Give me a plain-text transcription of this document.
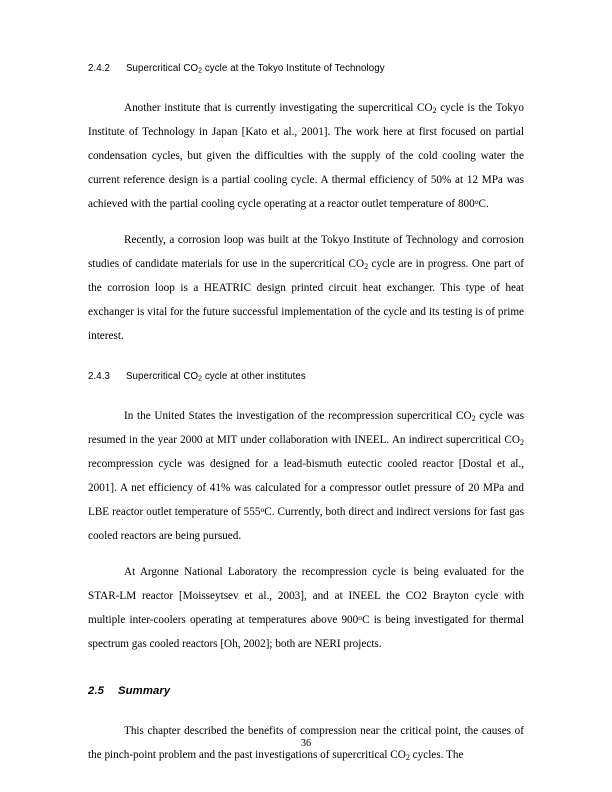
2.4.2 Supercritical $CO_2$ cycle at the Tokyo Institute of Technology

Another institute that is currently investigating the supercritical $CO_2$ cycle is the Tokyo Institute of Technology in Japan [Kato et al., 2001]. The work here at first focused on partial condensation cycles, but given the difficulties with the supply of the cold cooling water the current reference design is a partial cooling cycle. A thermal efficiency of 50% at 12 MPa was achieved with the partial cooling cycle operating at a reactor outlet temperature of 800$^o$C.

Recently, a corrosion loop was built at the Tokyo Institute of Technology and corrosion studies of candidate materials for use in the supercritical $CO_2$ cycle are in progress. One part of the corrosion loop is a HEATRIC design printed circuit heat exchanger. This type of heat exchanger is vital for the future successful implementation of the cycle and its testing is of prime interest.

2.4.3 Supercritical $CO_2$ cycle at other institutes

In the United States the investigation of the recompression supercritical $CO_2$ cycle was resumed in the year 2000 at MIT under collaboration with INEEL. An indirect supercritical $CO_2$ recompression cycle was designed for a lead-bismuth eutectic cooled reactor [Dostal et al., 2001]. A net efficiency of 41% was calculated for a compressor outlet pressure of 20 MPa and LBE reactor outlet temperature of 555$^o$C. Currently, both direct and indirect versions for fast gas cooled reactors are being pursued.

At Argonne National Laboratory the recompression cycle is being evaluated for the STAR-LM reactor [Moisseytsev et al., 2003], and at INEEL the CO2 Brayton cycle with multiple inter-coolers operating at temperatures above 900$^o$C is being investigated for thermal spectrum gas cooled reactors [Oh, 2002]; both are NERI projects.

2.5 Summary

This chapter described the benefits of compression near the critical point, the causes of the pinch-point problem and the past investigations of supercritical $CO_2$ cycles. The

36
